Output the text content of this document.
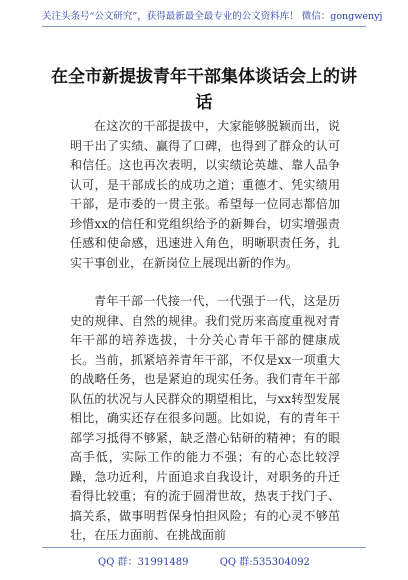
关注头条号“公文研究”，获得最新最全最专业的公文资料库！ 微信：gongwenyj
在全市新提拔青年干部集体谈话会上的讲话

在这次的干部提拔中，大家能够脱颖而出，说明干出了实绩、赢得了口碑，也得到了群众的认可和信任。这也再次表明，以实绩论英雄、靠人品争认可，是干部成长的成功之道；重德才、凭实绩用干部，是市委的一贯主张。希望每一位同志都倍加珍惜xx的信任和党组织给予的新舞台，切实增强责任感和使命感，迅速进入角色，明晰职责任务，扎实干事创业，在新岗位上展现出新的作为。

青年干部一代接一代，一代强于一代，这是历史的规律、自然的规律。我们党历来高度重视对青年干部的培养选拔，十分关心青年干部的健康成长。当前，抓紧培养青年干部，不仅是xx一项重大的战略任务，也是紧迫的现实任务。我们青年干部队伍的状况与人民群众的期望相比，与xx转型发展相比，确实还存在很多问题。比如说，有的青年干部学习抵得不够紧，缺乏潜心钻研的精神；有的眼高手低，实际工作的能力不强；有的心态比较浮躁，急功近利，片面追求自我设计，对职务的升迁看得比较重；有的流于圆滑世故，热衷于找门子、搞关系，做事明哲保身怕担风险；有的心灵不够茁壮，在压力面前、在挑战面前

QQ 群：31991489	QQ 群:535304092
